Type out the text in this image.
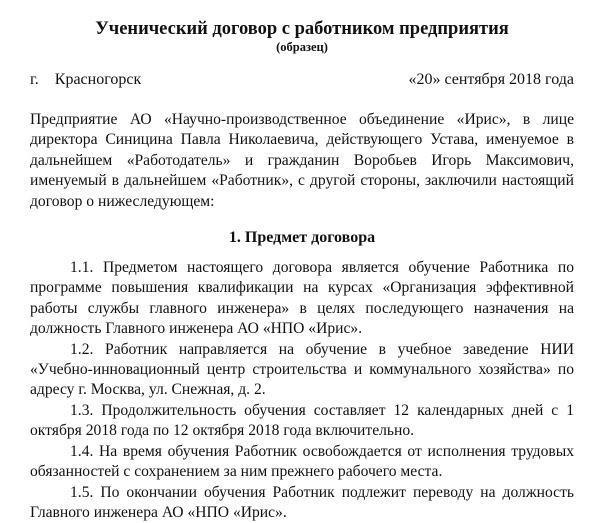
Ученический договор с работником предприятия
(образец)
г. Красногорск	«20» сентября 2018 года

Предприятие АО «Научно-производственное объединение «Ирис», в лице директора Синицина Павла Николаевича, действующего Устава, именуемое в дальнейшем «Работодатель» и гражданин Воробьев Игорь Максимович, именуемый в дальнейшем «Работник», с другой стороны, заключили настоящий договор о нижеследующем:

1. Предмет договора

1.1. Предметом настоящего договора является обучение Работника по программе повышения квалификации на курсах «Организация эффективной работы службы главного инженера» в целях последующего назначения на должность Главного инженера АО «НПО «Ирис».

1.2. Работник направляется на обучение в учебное заведение НИИ «Учебно-инновационный центр строительства и коммунального хозяйства» по адресу г. Москва, ул. Снежная, д. 2.

1.3. Продолжительность обучения составляет 12 календарных дней с 1 октября 2018 года по 12 октября 2018 года включительно.

1.4. На время обучения Работник освобождается от исполнения трудовых обязанностей с сохранением за ним прежнего рабочего места.

1.5. По окончании обучения Работник подлежит переводу на должность Главного инженера АО «НПО «Ирис».
